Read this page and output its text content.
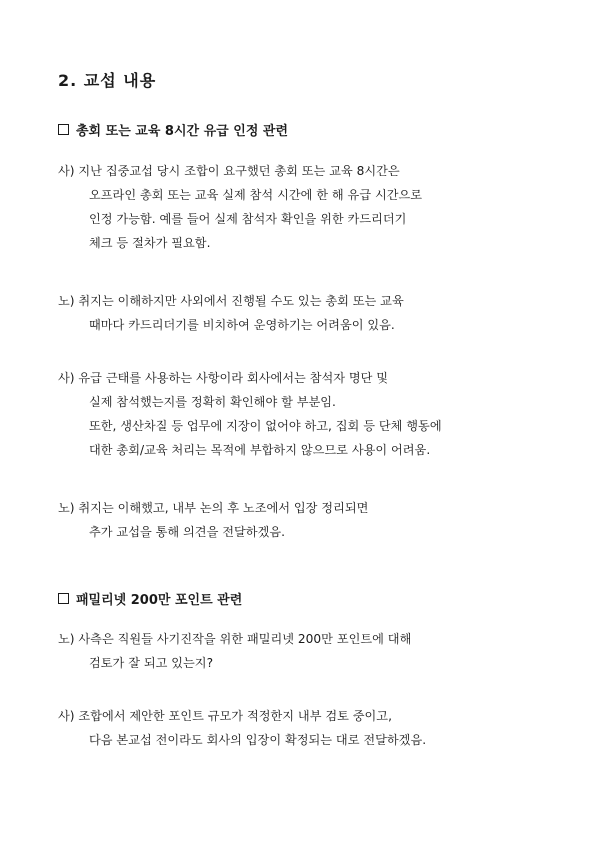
2. 교섭 내용
총회 또는 교육 8시간 유급 인정 관련
사) 지난 집중교섭 당시 조합이 요구했던 총회 또는 교육 8시간은
오프라인 총회 또는 교육 실제 참석 시간에 한 해 유급 시간으로
인정 가능함. 예를 들어 실제 참석자 확인을 위한 카드리더기
체크 등 절차가 필요함.
노) 취지는 이해하지만 사외에서 진행될 수도 있는 총회 또는 교육
때마다 카드리더기를 비치하여 운영하기는 어려움이 있음.
사) 유급 근태를 사용하는 사항이라 회사에서는 참석자 명단 및
실제 참석했는지를 정확히 확인해야 할 부분임.
또한, 생산차질 등 업무에 지장이 없어야 하고, 집회 등 단체 행동에
대한 총회/교육 처리는 목적에 부합하지 않으므로 사용이 어려움.
노) 취지는 이해했고, 내부 논의 후 노조에서 입장 정리되면
추가 교섭을 통해 의견을 전달하겠음.
패밀리넷 200만 포인트 관련
노) 사측은 직원들 사기진작을 위한 패밀리넷 200만 포인트에 대해
검토가 잘 되고 있는지?
사) 조합에서 제안한 포인트 규모가 적정한지 내부 검토 중이고,
다음 본교섭 전이라도 회사의 입장이 확정되는 대로 전달하겠음.
